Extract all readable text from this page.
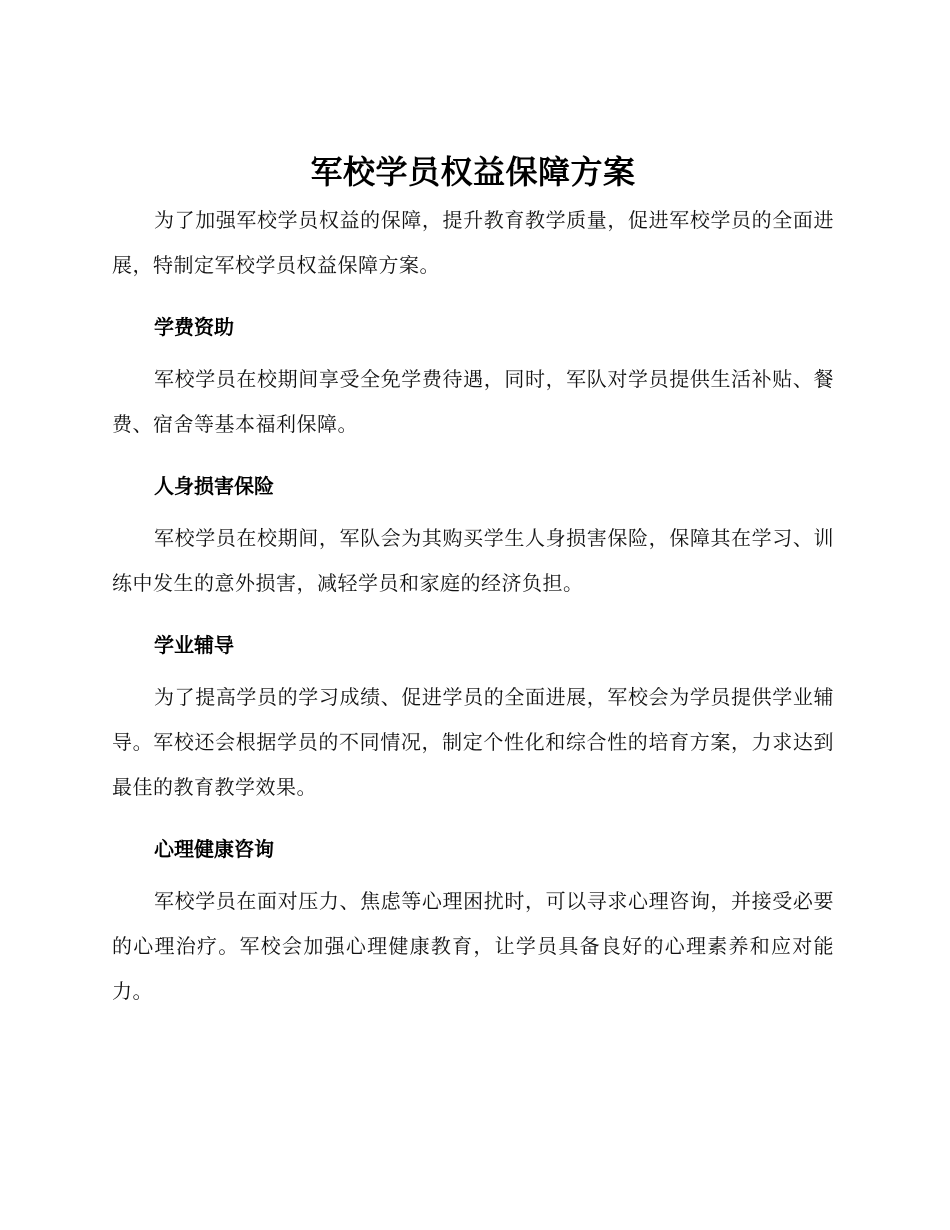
军校学员权益保障方案

为了加强军校学员权益的保障，提升教育教学质量，促进军校学员的全面进展，特制定军校学员权益保障方案。

学费资助

军校学员在校期间享受全免学费待遇，同时，军队对学员提供生活补贴、餐费、宿舍等基本福利保障。

人身损害保险

军校学员在校期间，军队会为其购买学生人身损害保险，保障其在学习、训练中发生的意外损害，减轻学员和家庭的经济负担。

学业辅导

为了提高学员的学习成绩、促进学员的全面进展，军校会为学员提供学业辅导。军校还会根据学员的不同情况，制定个性化和综合性的培育方案，力求达到最佳的教育教学效果。

心理健康咨询

军校学员在面对压力、焦虑等心理困扰时，可以寻求心理咨询，并接受必要的心理治疗。军校会加强心理健康教育，让学员具备良好的心理素养和应对能力。
